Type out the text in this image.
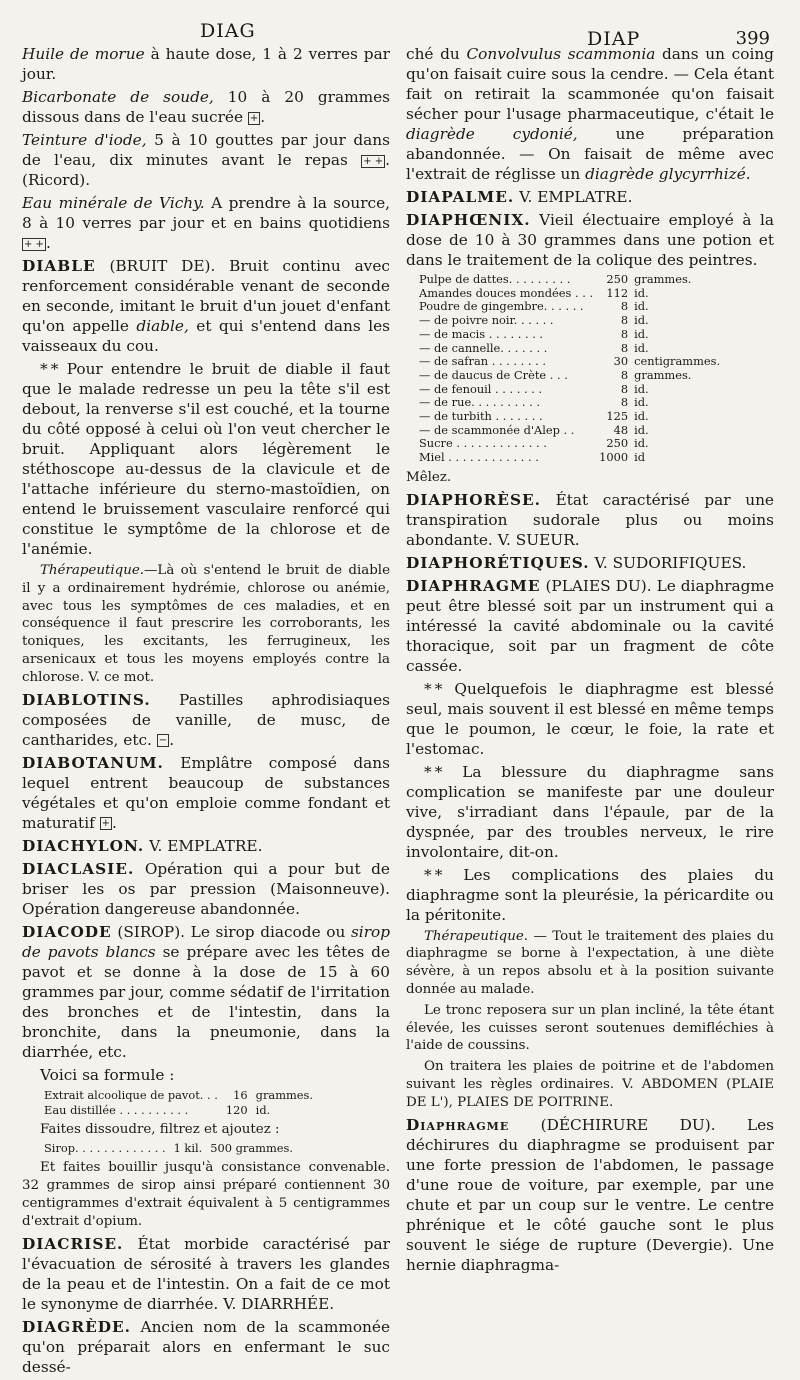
DIAG	DIAP	399

Huile de morue à haute dose, 1 à 2 verres par jour.

Bicarbonate de soude, 10 à 20 grammes dissous dans de l'eau sucrée + .

Teinture d'iode, 5 à 10 gouttes par jour dans de l'eau, dix minutes avant le repas + + . (Ricord).

Eau minérale de Vichy. A prendre à la source, 8 à 10 verres par jour et en bains quotidiens + + .

DIABLE (BRUIT DE). Bruit continu avec renforcement considérable venant de seconde en seconde, imitant le bruit d'un jouet d'enfant qu'on appelle diable, et qui s'entend dans les vaisseaux du cou.

* * Pour entendre le bruit de diable il faut que le malade redresse un peu la tête s'il est debout, la renverse s'il est couché, et la tourne du côté opposé à celui où l'on veut chercher le bruit. Appliquant alors légèrement le stéthoscope au-dessus de la clavicule et de l'attache inférieure du sterno-mastoïdien, on entend le bruissement vasculaire renforcé qui constitue le symptôme de la chlorose et de l'anémie.

Thérapeutique.—Là où s'entend le bruit de diable il y a ordinairement hydrémie, chlorose ou anémie, avec tous les symptômes de ces maladies, et en conséquence il faut prescrire les corroborants, les toniques, les excitants, les ferrugineux, les arsenicaux et tous les moyens employés contre la chlorose. V. ce mot.

DIABLOTINS. Pastilles aphrodisiaques composées de vanille, de musc, de cantharides, etc. − .

DIABOTANUM. Emplâtre composé dans lequel entrent beaucoup de substances végétales et qu'on emploie comme fondant et maturatif + .

DIACHYLON. V. EMPLATRE.

DIACLASIE. Opération qui a pour but de briser les os par pression (Maisonneuve). Opération dangereuse abandonnée.

DIACODE (SIROP). Le sirop diacode ou sirop de pavots blancs se prépare avec les têtes de pavot et se donne à la dose de 15 à 60 grammes par jour, comme sédatif de l'irritation des bronches et de l'intestin, dans la bronchite, dans la pneumonie, dans la diarrhée, etc.

Voici sa formule :

Extrait alcoolique de pavot. . .	16	grammes.
Eau distillée . . . . . . . . . .	120	id.

Faites dissoudre, filtrez et ajoutez :

Sirop. . . . . . . . . . . . .	1 kil.	500 grammes.

Et faites bouillir jusqu'à consistance convenable. 32 grammes de sirop ainsi préparé contiennent 30 centigrammes d'extrait équivalent à 5 centigrammes d'extrait d'opium.

DIACRISE. État morbide caractérisé par l'évacuation de sérosité à travers les glandes de la peau et de l'intestin. On a fait de ce mot le synonyme de diarrhée. V. DIARRHÉE.

DIAGRÈDE. Ancien nom de la scammonée qu'on préparait alors en enfermant le suc dessé-

ché du Convolvulus scammonia dans un coing qu'on faisait cuire sous la cendre. — Cela étant fait on retirait la scammonée qu'on faisait sécher pour l'usage pharmaceutique, c'était le diagrède cydonié, une préparation abandonnée. — On faisait de même avec l'extrait de réglisse un diagrède glycyrrhizé.

DIAPALME. V. EMPLATRE.

DIAPHŒNIX. Vieil électuaire employé à la dose de 10 à 30 grammes dans une potion et dans le traitement de la colique des peintres.

Pulpe de dattes. . . . . . . . .	250	grammes.
Amandes douces mondées . . .	112	id.
Poudre de gingembre. . . . . .	8	id.
— de poivre noir. . . . . .	8	id.
— de macis . . . . . . . .	8	id.
— de cannelle. . . . . . .	8	id.
— de safran . . . . . . . .	30	centigrammes.
— de daucus de Crète . . .	8	grammes.
— de fenouil . . . . . . .	8	id.
— de rue. . . . . . . . . .	8	id.
— de turbith . . . . . . .	125	id.
— de scammonée d'Alep . .	48	id.
Sucre . . . . . . . . . . . . .	250	id.
Miel . . . . . . . . . . . . .	1000	id

Mêlez.

DIAPHORÈSE. État caractérisé par une transpiration sudorale plus ou moins abondante. V. SUEUR.

DIAPHORÉTIQUES. V. SUDORIFIQUES.

DIAPHRAGME (PLAIES DU). Le diaphragme peut être blessé soit par un instrument qui a intéressé la cavité abdominale ou la cavité thoracique, soit par un fragment de côte cassée.

* * Quelquefois le diaphragme est blessé seul, mais souvent il est blessé en même temps que le poumon, le cœur, le foie, la rate et l'estomac.

* * La blessure du diaphragme sans complication se manifeste par une douleur vive, s'irradiant dans l'épaule, par de la dyspnée, par des troubles nerveux, le rire involontaire, dit-on.

* * Les complications des plaies du diaphragme sont la pleurésie, la péricardite ou la péritonite.

Thérapeutique. — Tout le traitement des plaies du diaphragme se borne à l'expectation, à une diète sévère, à un repos absolu et à la position suivante donnée au malade.

Le tronc reposera sur un plan incliné, la tête étant élevée, les cuisses seront soutenues demifléchies à l'aide de coussins.

On traitera les plaies de poitrine et de l'abdomen suivant les règles ordinaires. V. ABDOMEN (PLAIE DE L'), PLAIES DE POITRINE.

Diaphragme (DÉCHIRURE DU). Les déchirures du diaphragme se produisent par une forte pression de l'abdomen, le passage d'une roue de voiture, par exemple, par une chute et par un coup sur le ventre. Le centre phrénique et le côté gauche sont le plus souvent le siége de rupture (Devergie). Une hernie diaphragma-
